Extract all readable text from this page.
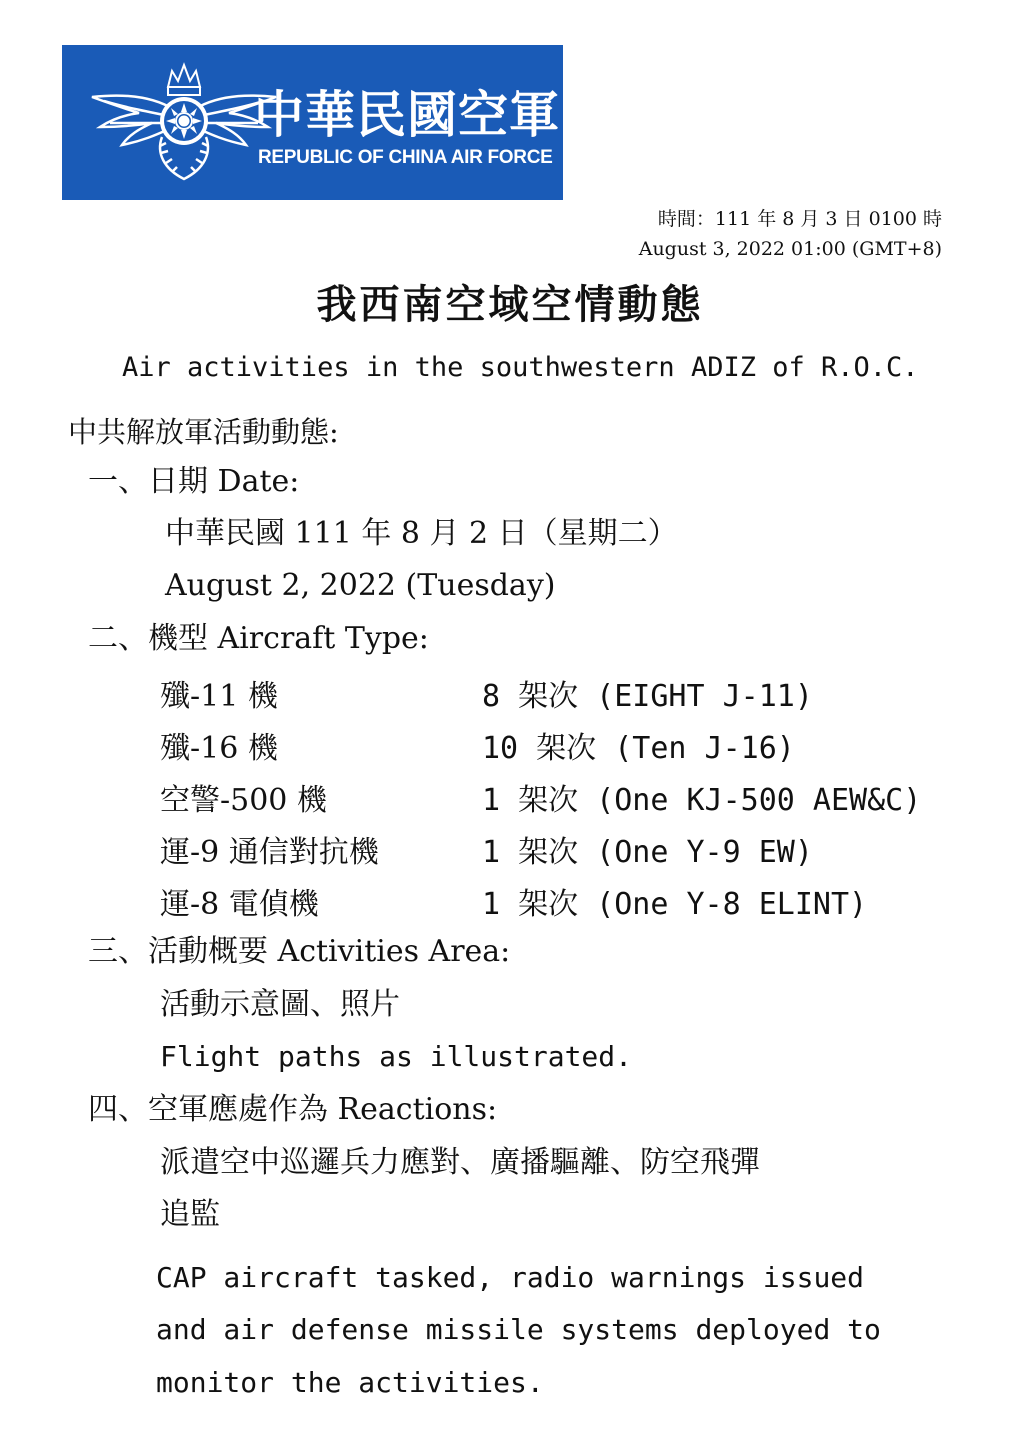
中華民國空軍
REPUBLIC OF CHINA AIR FORCE
時間：111 年 8 月 3 日 0100 時
August 3, 2022 01:00 (GMT+8)
我西南空域空情動態
Air activities in the southwestern ADIZ of R.O.C.
中共解放軍活動動態:
一、日期 Date:
中華民國 111 年 8 月 2 日（星期二）
August 2, 2022 (Tuesday)
二、機型 Aircraft Type:
殲-11 機	8 架次 (EIGHT J-11)
殲-16 機	10 架次 (Ten J-16)
空警-500 機	1 架次 (One KJ-500 AEW&C)
運-9 通信對抗機	1 架次 (One Y-9 EW)
運-8 電偵機	1 架次 (One Y-8 ELINT)
三、活動概要 Activities Area:
活動示意圖、照片
Flight paths as illustrated.
四、空軍應處作為 Reactions:
派遣空中巡邏兵力應對、廣播驅離、防空飛彈
追監
CAP aircraft tasked, radio warnings issued
and air defense missile systems deployed to
monitor the activities.
